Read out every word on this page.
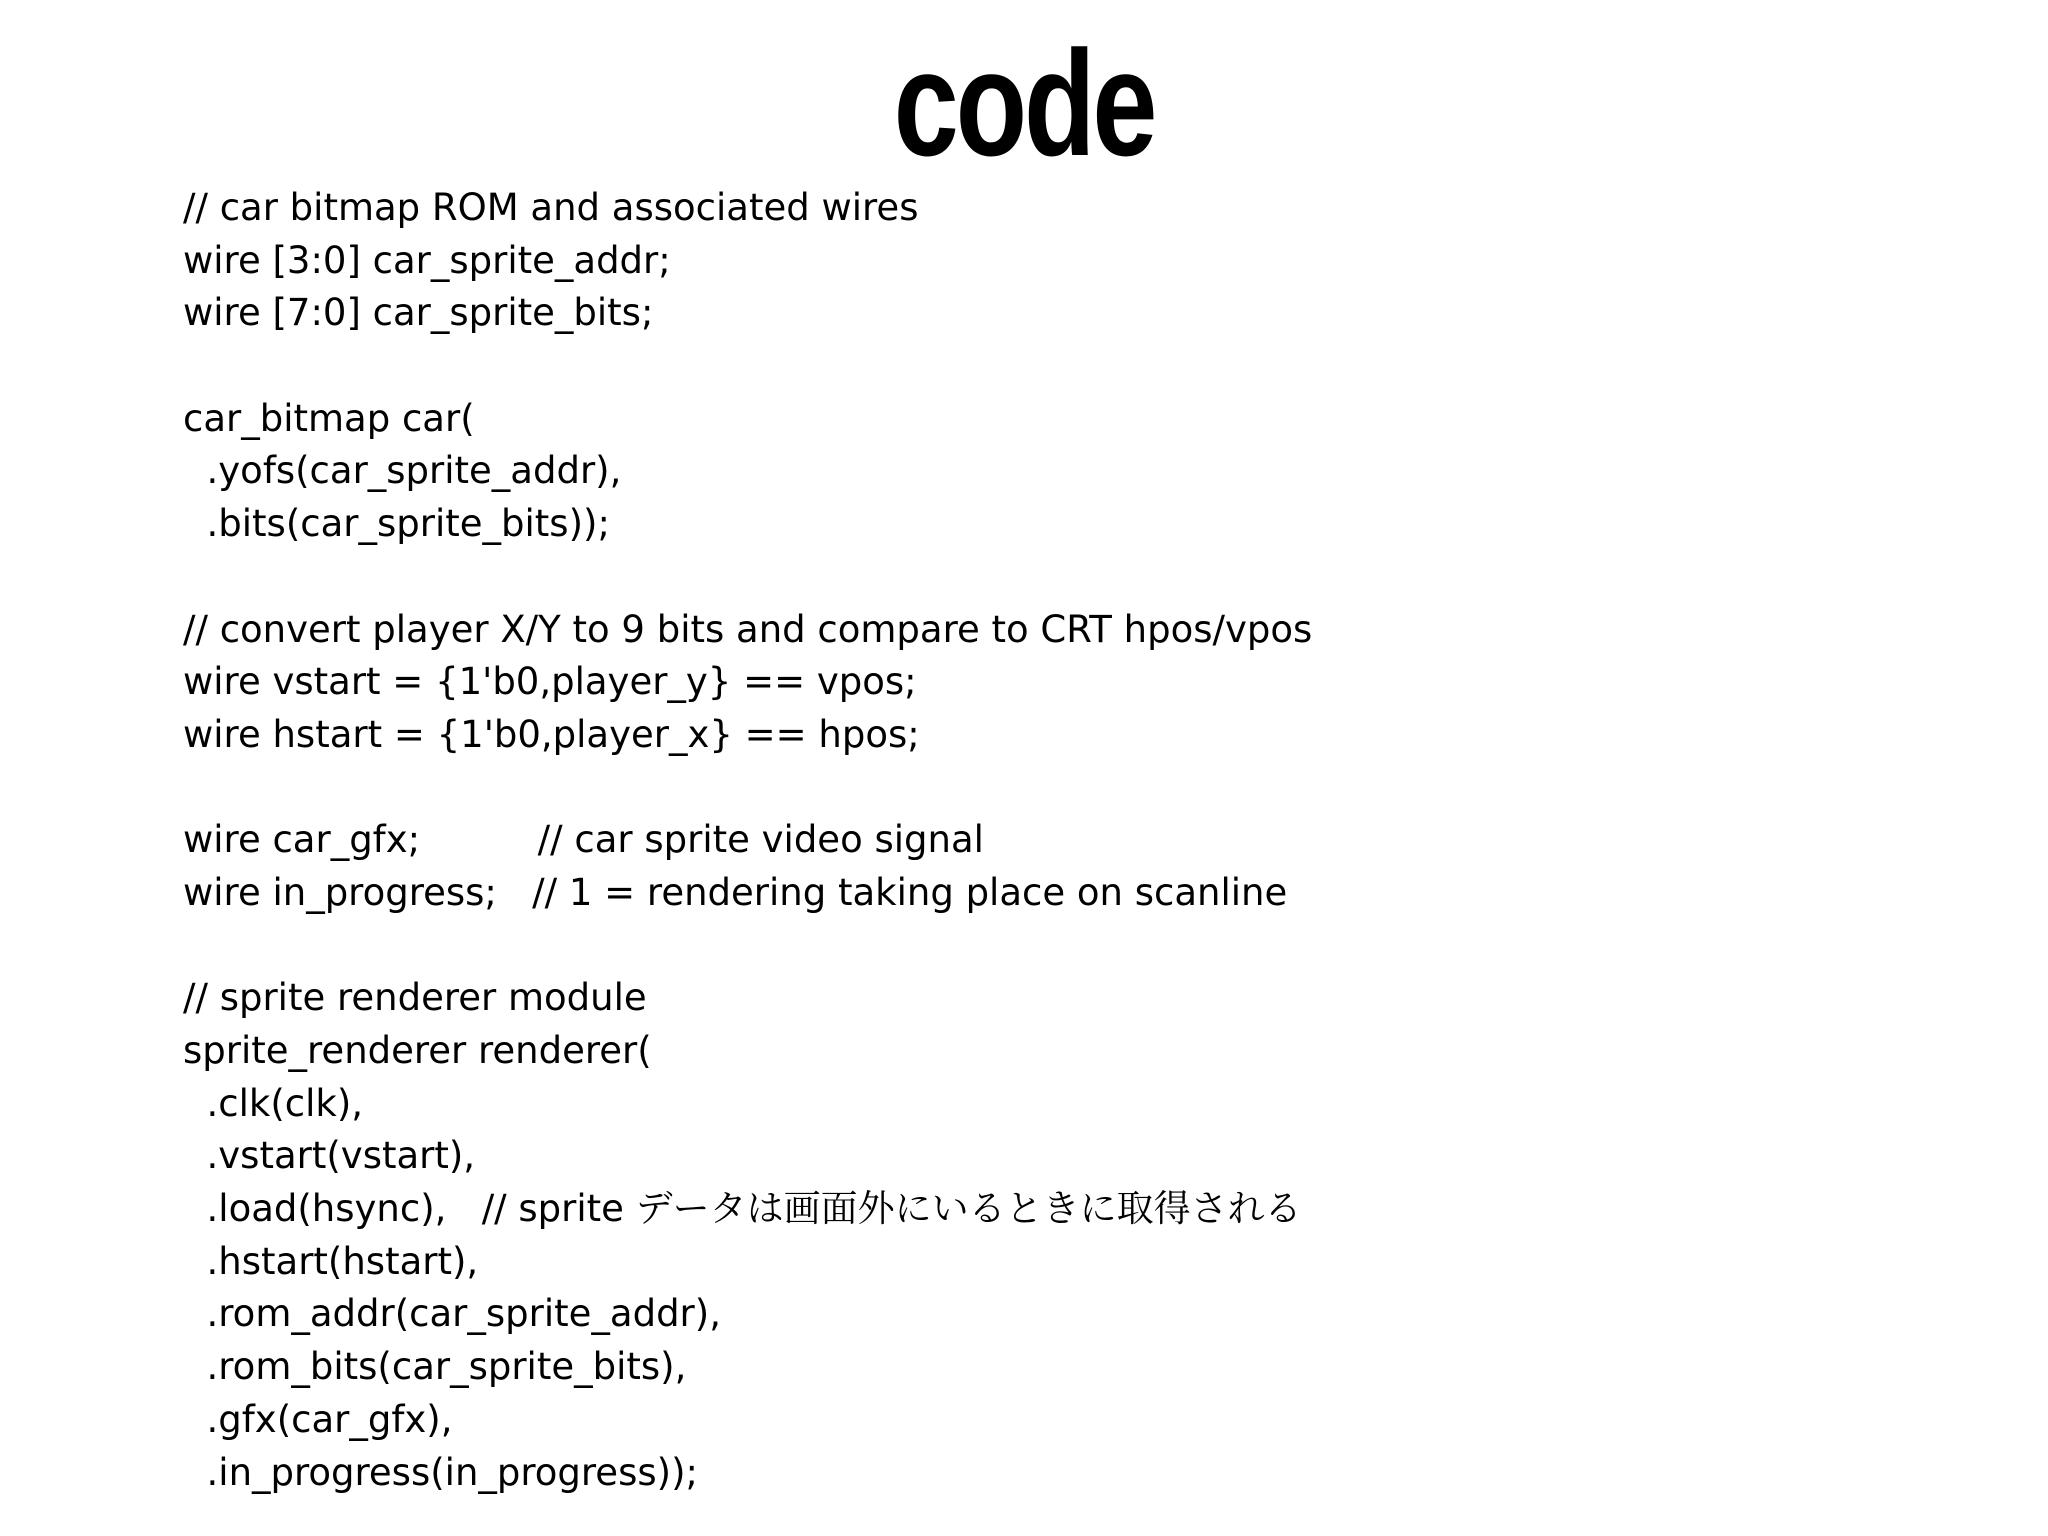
code
// car bitmap ROM and associated wires
wire [3:0] car_sprite_addr;
wire [7:0] car_sprite_bits;
car_bitmap car(
.yofs(car_sprite_addr),
.bits(car_sprite_bits));
// convert player X/Y to 9 bits and compare to CRT hpos/vpos
wire vstart = {1'b0,player_y} == vpos;
wire hstart = {1'b0,player_x} == hpos;
wire car_gfx;          // car sprite video signal
wire in_progress;   // 1 = rendering taking place on scanline
// sprite renderer module
sprite_renderer renderer(
.clk(clk),
.vstart(vstart),
.load(hsync),   // sprite データは画面外にいるときに取得される
.hstart(hstart),
.rom_addr(car_sprite_addr),
.rom_bits(car_sprite_bits),
.gfx(car_gfx),
.in_progress(in_progress));
